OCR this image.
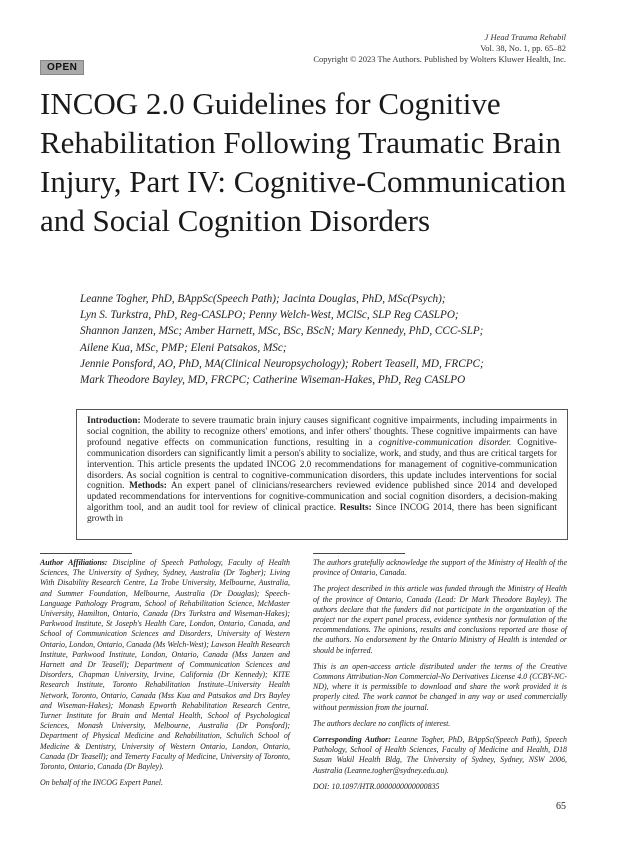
J Head Trauma Rehabil
Vol. 38, No. 1, pp. 65–82
Copyright © 2023 The Authors. Published by Wolters Kluwer Health, Inc.
OPEN
INCOG 2.0 Guidelines for Cognitive Rehabilitation Following Traumatic Brain Injury, Part IV: Cognitive-Communication and Social Cognition Disorders
Leanne Togher, PhD, BAppSc(Speech Path); Jacinta Douglas, PhD, MSc(Psych);
Lyn S. Turkstra, PhD, Reg-CASLPO; Penny Welch-West, MClSc, SLP Reg CASLPO;
Shannon Janzen, MSc; Amber Harnett, MSc, BSc, BScN; Mary Kennedy, PhD, CCC-SLP;
Ailene Kua, MSc, PMP; Eleni Patsakos, MSc;
Jennie Ponsford, AO, PhD, MA(Clinical Neuropsychology); Robert Teasell, MD, FRCPC;
Mark Theodore Bayley, MD, FRCPC; Catherine Wiseman-Hakes, PhD, Reg CASLPO
Introduction: Moderate to severe traumatic brain injury causes significant cognitive impairments, including impairments in social cognition, the ability to recognize others' emotions, and infer others' thoughts. These cognitive impairments can have profound negative effects on communication functions, resulting in a cognitive-communication disorder. Cognitive-communication disorders can significantly limit a person's ability to socialize, work, and study, and thus are critical targets for intervention. This article presents the updated INCOG 2.0 recommendations for management of cognitive-communication disorders. As social cognition is central to cognitive-communication disorders, this update includes interventions for social cognition. Methods: An expert panel of clinicians/researchers reviewed evidence published since 2014 and developed updated recommendations for interventions for cognitive-communication and social cognition disorders, a decision-making algorithm tool, and an audit tool for review of clinical practice. Results: Since INCOG 2014, there has been significant growth in

Author Affiliations: Discipline of Speech Pathology, Faculty of Health Sciences, The University of Sydney, Sydney, Australia (Dr Togher); Living With Disability Research Centre, La Trobe University, Melbourne, Australia, and Summer Foundation, Melbourne, Australia (Dr Douglas); Speech-Language Pathology Program, School of Rehabilitation Science, McMaster University, Hamilton, Ontario, Canada (Drs Turkstra and Wiseman-Hakes); Parkwood Institute, St Joseph's Health Care, London, Ontario, Canada, and School of Communication Sciences and Disorders, University of Western Ontario, London, Ontario, Canada (Ms Welch-West); Lawson Health Research Institute, Parkwood Institute, London, Ontario, Canada (Mss Janzen and Harnett and Dr Teasell); Department of Communication Sciences and Disorders, Chapman University, Irvine, California (Dr Kennedy); KITE Research Institute, Toronto Rehabilitation Institute–University Health Network, Toronto, Ontario, Canada (Mss Kua and Patsakos and Drs Bayley and Wiseman-Hakes); Monash Epworth Rehabilitation Research Centre, Turner Institute for Brain and Mental Health, School of Psychological Sciences, Monash University, Melbourne, Australia (Dr Ponsford); Department of Physical Medicine and Rehabilitation, Schulich School of Medicine & Dentistry, University of Western Ontario, London, Ontario, Canada (Dr Teasell); and Temerty Faculty of Medicine, University of Toronto, Toronto, Ontario, Canada (Dr Bayley).

On behalf of the INCOG Expert Panel.

The authors gratefully acknowledge the support of the Ministry of Health of the province of Ontario, Canada.

The project described in this article was funded through the Ministry of Health of the province of Ontario, Canada (Lead: Dr Mark Theodore Bayley). The authors declare that the funders did not participate in the organization of the project nor the expert panel process, evidence synthesis nor formulation of the recommendations. The opinions, results and conclusions reported are those of the authors. No endorsement by the Ontario Ministry of Health is intended or should be inferred.

This is an open-access article distributed under the terms of the Creative Commons Attribution-Non Commercial-No Derivatives License 4.0 (CCBY-NC-ND), where it is permissible to download and share the work provided it is properly cited. The work cannot be changed in any way or used commercially without permission from the journal.

The authors declare no conflicts of interest.

Corresponding Author: Leanne Togher, PhD, BAppSc(Speech Path), Speech Pathology, School of Health Sciences, Faculty of Medicine and Health, D18 Susan Wakil Health Bldg, The University of Sydney, Sydney, NSW 2006, Australia (Leanne.togher@sydney.edu.au).

DOI: 10.1097/HTR.0000000000000835

65
